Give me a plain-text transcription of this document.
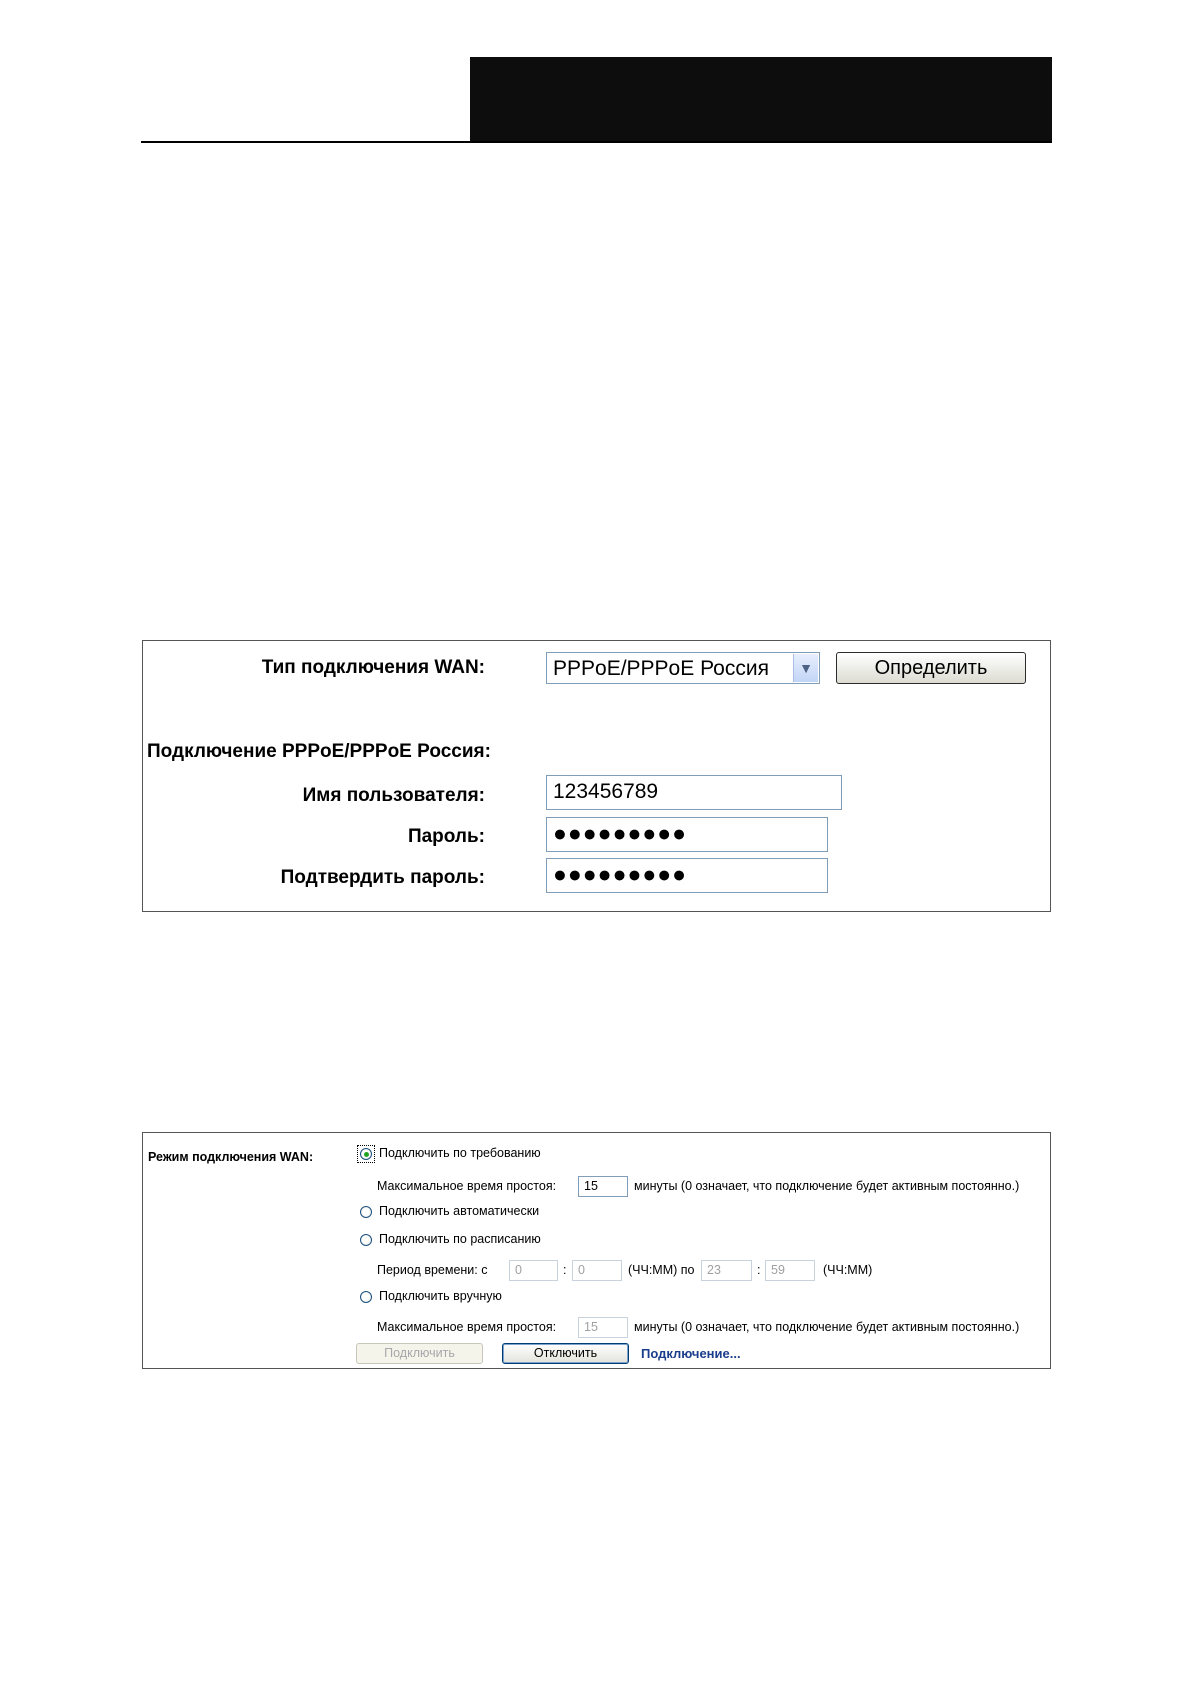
Тип подключения WAN:	PPPoE/PPPoE Россия	▼	Определить
Подключение PPPoE/PPPoE Россия:
Имя пользователя:	123456789
Пароль:	●●●●●●●●●
Подтвердить пароль:	●●●●●●●●●
Режим подключения WAN:	Подключить по требованию
Максимальное время простоя:	15	минуты (0 означает, что подключение будет активным постоянно.)
Подключить автоматически
Подключить по расписанию
Период времени: с	0	: 0	(ЧЧ:ММ) по	23	: 59	(ЧЧ:ММ)
Подключить вручную
Максимальное время простоя:	15	минуты (0 означает, что подключение будет активным постоянно.)
Подключить	Отключить	Подключение...
